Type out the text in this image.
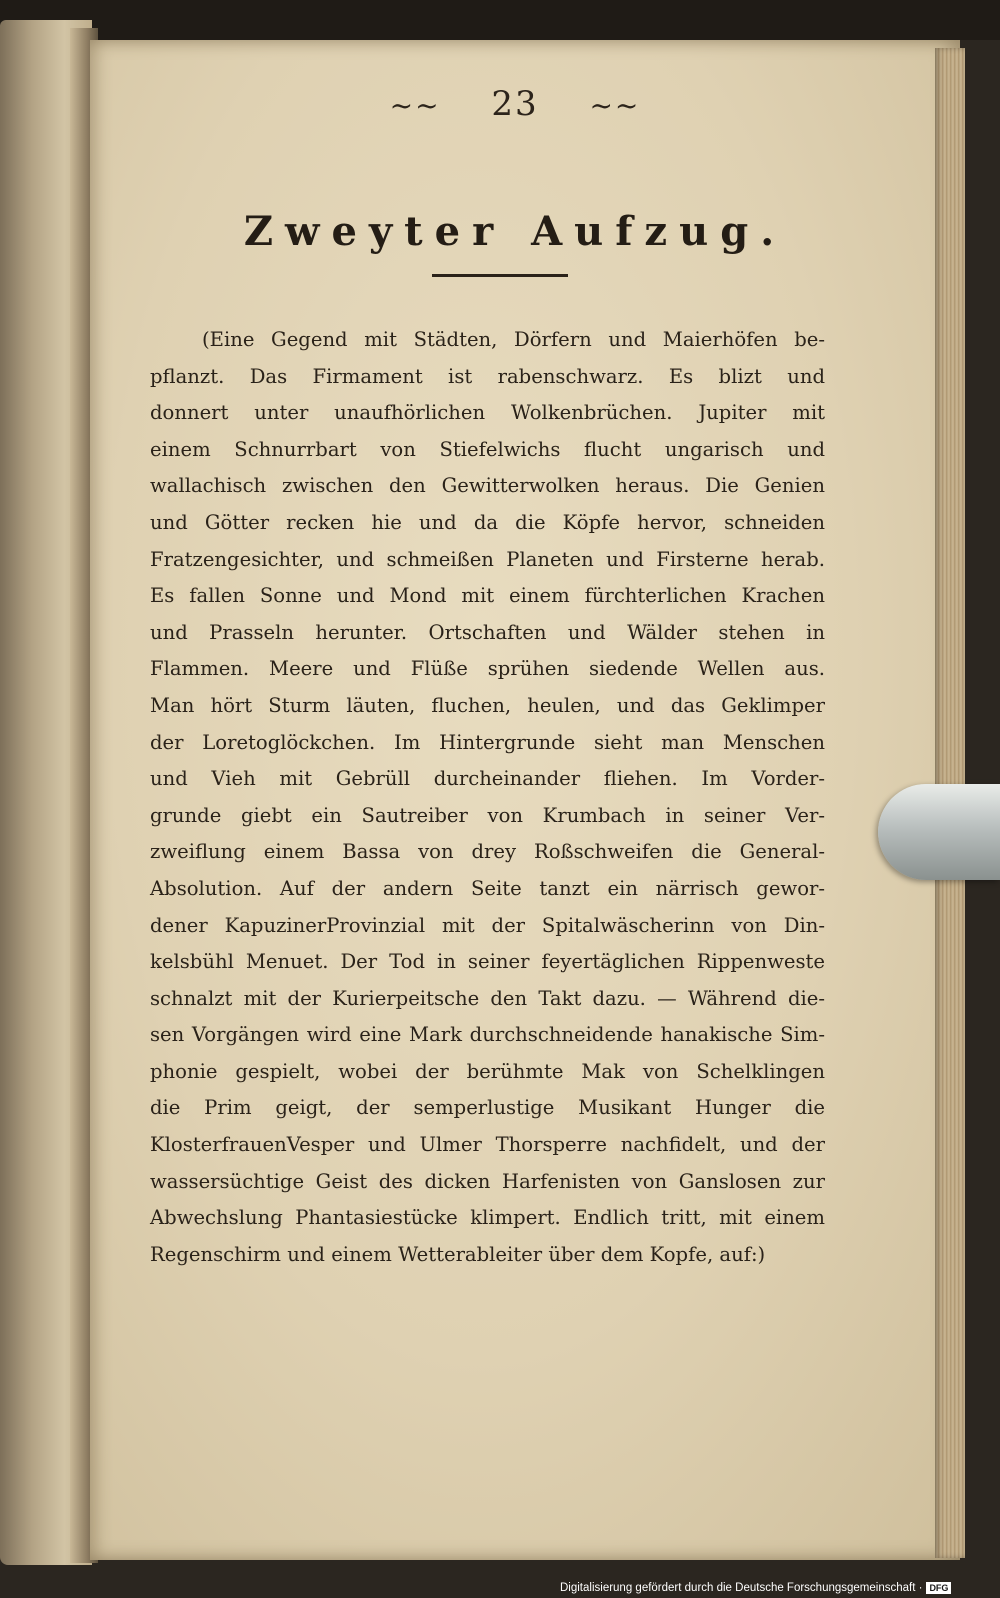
~~ 23 ~~
Zweyter Aufzug.
(Eine Gegend mit Städten, Dörfern und Maierhöfen be-
pflanzt. Das Firmament ist rabenschwarz. Es blizt und
donnert unter unaufhörlichen Wolkenbrüchen. Jupiter mit
einem Schnurrbart von Stiefelwichs flucht ungarisch und
wallachisch zwischen den Gewitterwolken heraus. Die Genien
und Götter recken hie und da die Köpfe hervor, schneiden
Fratzengesichter, und schmeißen Planeten und Firsterne herab.
Es fallen Sonne und Mond mit einem fürchterlichen Krachen
und Prasseln herunter. Ortschaften und Wälder stehen in
Flammen. Meere und Flüße sprühen siedende Wellen aus.
Man hört Sturm läuten, fluchen, heulen, und das Geklimper
der Loretoglöckchen. Im Hintergrunde sieht man Menschen
und Vieh mit Gebrüll durcheinander fliehen. Im Vorder-
grunde giebt ein Sautreiber von Krumbach in seiner Ver-
zweiflung einem Bassa von drey Roßschweifen die General-
Absolution. Auf der andern Seite tanzt ein närrisch gewor-
dener KapuzinerProvinzial mit der Spitalwäscherinn von Din-
kelsbühl Menuet. Der Tod in seiner feyertäglichen Rippenweste
schnalzt mit der Kurierpeitsche den Takt dazu. — Während die-
sen Vorgängen wird eine Mark durchschneidende hanakische Sim-
phonie gespielt, wobei der berühmte Mak von Schelklingen
die Prim geigt, der semperlustige Musikant Hunger die
KlosterfrauenVesper und Ulmer Thorsperre nachfidelt, und der
wassersüchtige Geist des dicken Harfenisten von Ganslosen zur
Abwechslung Phantasiestücke klimpert. Endlich tritt, mit einem
Regenschirm und einem Wetterableiter über dem Kopfe, auf:)
Digitalisierung gefördert durch die Deutsche Forschungsgemeinschaft · DFG
